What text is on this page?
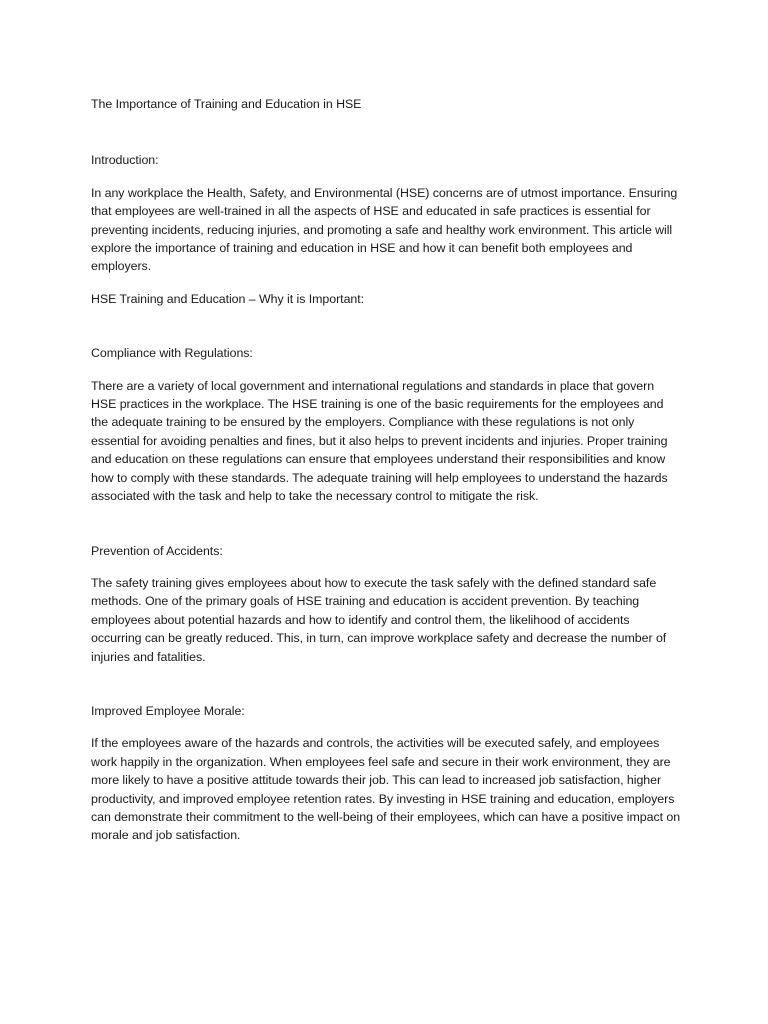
The Importance of Training and Education in HSE

Introduction:

In any workplace the Health, Safety, and Environmental (HSE) concerns are of utmost importance. Ensuring that employees are well-trained in all the aspects of HSE and educated in safe practices is essential for preventing incidents, reducing injuries, and promoting a safe and healthy work environment. This article will explore the importance of training and education in HSE and how it can benefit both employees and employers.

HSE Training and Education – Why it is Important:

Compliance with Regulations:

There are a variety of local government and international regulations and standards in place that govern HSE practices in the workplace. The HSE training is one of the basic requirements for the employees and the adequate training to be ensured by the employers. Compliance with these regulations is not only essential for avoiding penalties and fines, but it also helps to prevent incidents and injuries. Proper training and education on these regulations can ensure that employees understand their responsibilities and know how to comply with these standards. The adequate training will help employees to understand the hazards associated with the task and help to take the necessary control to mitigate the risk.

Prevention of Accidents:

The safety training gives employees about how to execute the task safely with the defined standard safe methods. One of the primary goals of HSE training and education is accident prevention. By teaching employees about potential hazards and how to identify and control them, the likelihood of accidents occurring can be greatly reduced. This, in turn, can improve workplace safety and decrease the number of injuries and fatalities.

Improved Employee Morale:

If the employees aware of the hazards and controls, the activities will be executed safely, and employees work happily in the organization. When employees feel safe and secure in their work environment, they are more likely to have a positive attitude towards their job. This can lead to increased job satisfaction, higher productivity, and improved employee retention rates. By investing in HSE training and education, employers can demonstrate their commitment to the well-being of their employees, which can have a positive impact on morale and job satisfaction.
